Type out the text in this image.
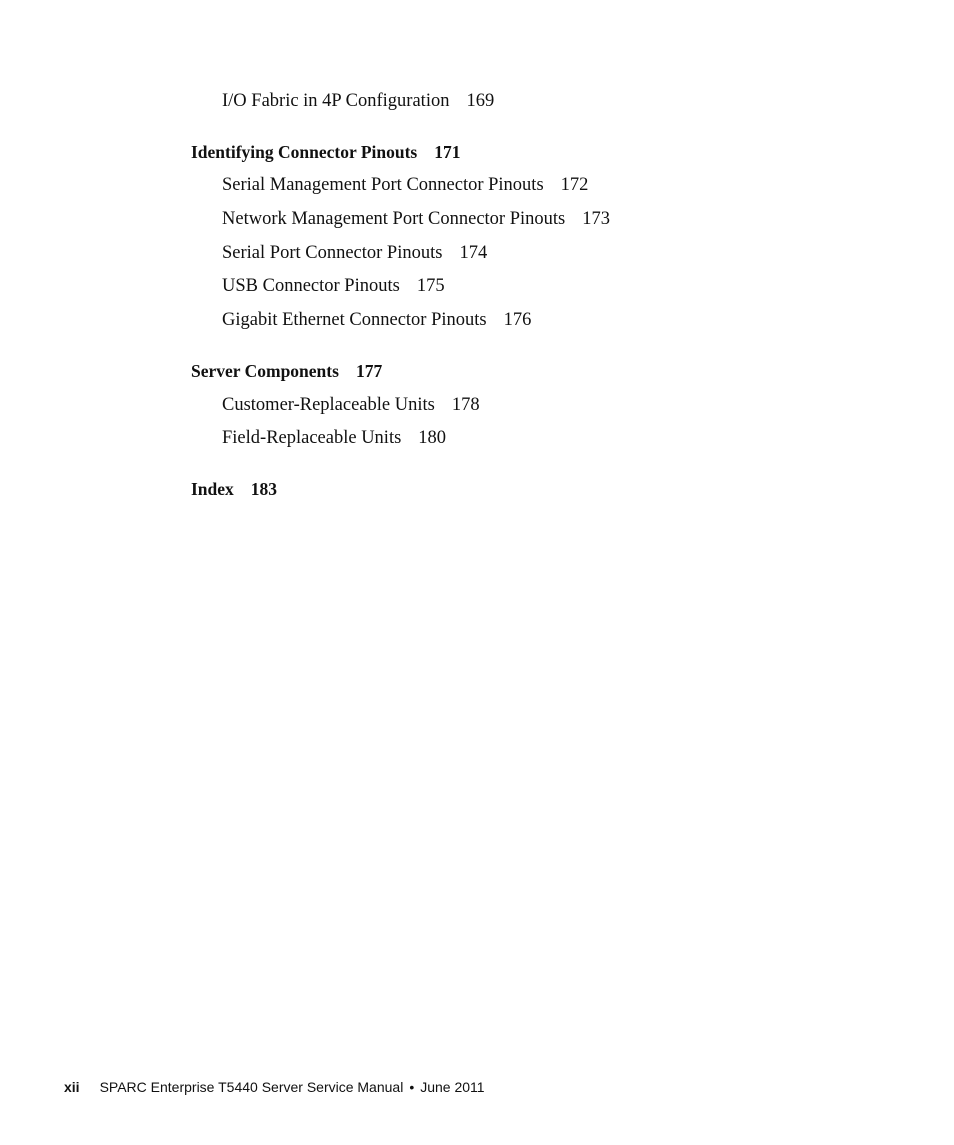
I/O Fabric in 4P Configuration 169
Identifying Connector Pinouts 171
Serial Management Port Connector Pinouts 172
Network Management Port Connector Pinouts 173
Serial Port Connector Pinouts 174
USB Connector Pinouts 175
Gigabit Ethernet Connector Pinouts 176
Server Components 177
Customer-Replaceable Units 178
Field-Replaceable Units 180
Index 183
xii SPARC Enterprise T5440 Server Service Manual • June 2011
